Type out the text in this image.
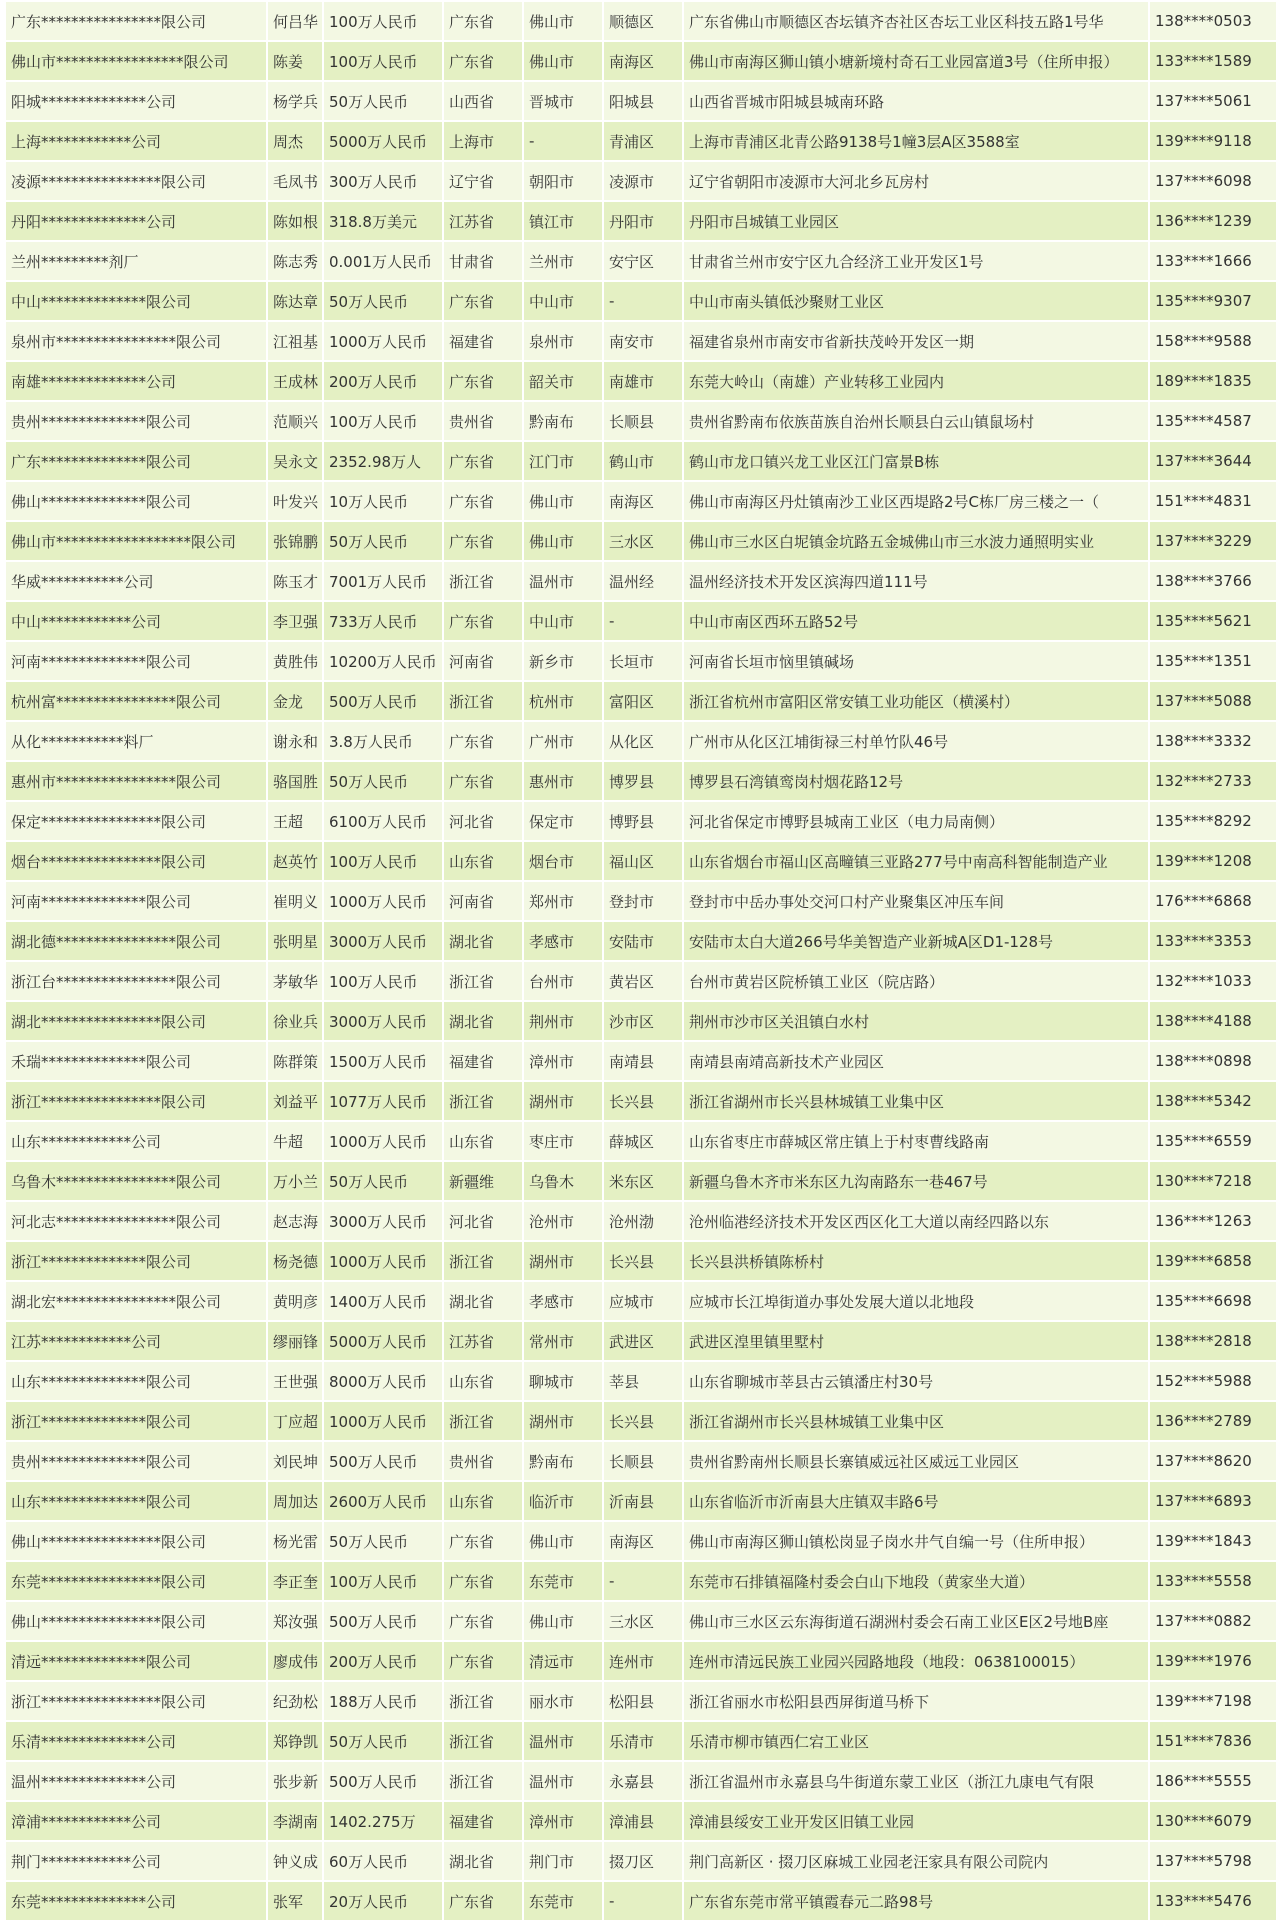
广东****************限公司	何吕华	100万人民币	广东省	佛山市	顺德区	广东省佛山市顺德区杏坛镇齐杏社区杏坛工业区科技五路1号华	138****0503
佛山市*****************限公司	陈姜	100万人民币	广东省	佛山市	南海区	佛山市南海区狮山镇小塘新境村奇石工业园富道3号（住所申报）	133****1589
阳城**************公司	杨学兵	50万人民币	山西省	晋城市	阳城县	山西省晋城市阳城县城南环路	137****5061
上海************公司	周杰	5000万人民币	上海市	-	青浦区	上海市青浦区北青公路9138号1幢3层A区3588室	139****9118
凌源****************限公司	毛凤书	300万人民币	辽宁省	朝阳市	凌源市	辽宁省朝阳市凌源市大河北乡瓦房村	137****6098
丹阳**************公司	陈如根	318.8万美元	江苏省	镇江市	丹阳市	丹阳市吕城镇工业园区	136****1239
兰州*********剂厂	陈志秀	0.001万人民币	甘肃省	兰州市	安宁区	甘肃省兰州市安宁区九合经济工业开发区1号	133****1666
中山**************限公司	陈达章	50万人民币	广东省	中山市	-	中山市南头镇低沙聚财工业区	135****9307
泉州市****************限公司	江祖基	1000万人民币	福建省	泉州市	南安市	福建省泉州市南安市省新扶茂岭开发区一期	158****9588
南雄**************公司	王成林	200万人民币	广东省	韶关市	南雄市	东莞大岭山（南雄）产业转移工业园内	189****1835
贵州**************限公司	范顺兴	100万人民币	贵州省	黔南布	长顺县	贵州省黔南布依族苗族自治州长顺县白云山镇鼠场村	135****4587
广东**************限公司	吴永文	2352.98万人	广东省	江门市	鹤山市	鹤山市龙口镇兴龙工业区江门富景B栋	137****3644
佛山**************限公司	叶发兴	10万人民币	广东省	佛山市	南海区	佛山市南海区丹灶镇南沙工业区西堤路2号C栋厂房三楼之一（	151****4831
佛山市******************限公司	张锦鹏	50万人民币	广东省	佛山市	三水区	佛山市三水区白坭镇金坑路五金城佛山市三水波力通照明实业	137****3229
华威***********公司	陈玉才	7001万人民币	浙江省	温州市	温州经	温州经济技术开发区滨海四道111号	138****3766
中山************公司	李卫强	733万人民币	广东省	中山市	-	中山市南区西环五路52号	135****5621
河南**************限公司	黄胜伟	10200万人民币	河南省	新乡市	长垣市	河南省长垣市恼里镇碱场	135****1351
杭州富****************限公司	金龙	500万人民币	浙江省	杭州市	富阳区	浙江省杭州市富阳区常安镇工业功能区（横溪村）	137****5088
从化***********料厂	谢永和	3.8万人民币	广东省	广州市	从化区	广州市从化区江埔街禄三村单竹队46号	138****3332
惠州市****************限公司	骆国胜	50万人民币	广东省	惠州市	博罗县	博罗县石湾镇鸾岗村烟花路12号	132****2733
保定****************限公司	王超	6100万人民币	河北省	保定市	博野县	河北省保定市博野县城南工业区（电力局南侧）	135****8292
烟台****************限公司	赵英竹	100万人民币	山东省	烟台市	福山区	山东省烟台市福山区高疃镇三亚路277号中南高科智能制造产业	139****1208
河南**************限公司	崔明义	1000万人民币	河南省	郑州市	登封市	登封市中岳办事处交河口村产业聚集区冲压车间	176****6868
湖北德****************限公司	张明星	3000万人民币	湖北省	孝感市	安陆市	安陆市太白大道266号华美智造产业新城A区D1-128号	133****3353
浙江台****************限公司	茅敏华	100万人民币	浙江省	台州市	黄岩区	台州市黄岩区院桥镇工业区（院店路）	132****1033
湖北****************限公司	徐业兵	3000万人民币	湖北省	荆州市	沙市区	荆州市沙市区关沮镇白水村	138****4188
禾瑞**************限公司	陈群策	1500万人民币	福建省	漳州市	南靖县	南靖县南靖高新技术产业园区	138****0898
浙江****************限公司	刘益平	1077万人民币	浙江省	湖州市	长兴县	浙江省湖州市长兴县林城镇工业集中区	138****5342
山东************公司	牛超	1000万人民币	山东省	枣庄市	薛城区	山东省枣庄市薛城区常庄镇上于村枣曹线路南	135****6559
乌鲁木****************限公司	万小兰	50万人民币	新疆维	乌鲁木	米东区	新疆乌鲁木齐市米东区九沟南路东一巷467号	130****7218
河北志****************限公司	赵志海	3000万人民币	河北省	沧州市	沧州渤	沧州临港经济技术开发区西区化工大道以南经四路以东	136****1263
浙江**************限公司	杨尧德	1000万人民币	浙江省	湖州市	长兴县	长兴县洪桥镇陈桥村	139****6858
湖北宏****************限公司	黄明彦	1400万人民币	湖北省	孝感市	应城市	应城市长江埠街道办事处发展大道以北地段	135****6698
江苏************公司	缪丽锋	5000万人民币	江苏省	常州市	武进区	武进区湟里镇里墅村	138****2818
山东**************限公司	王世强	8000万人民币	山东省	聊城市	莘县	山东省聊城市莘县古云镇潘庄村30号	152****5988
浙江**************限公司	丁应超	1000万人民币	浙江省	湖州市	长兴县	浙江省湖州市长兴县林城镇工业集中区	136****2789
贵州**************限公司	刘民坤	500万人民币	贵州省	黔南布	长顺县	贵州省黔南州长顺县长寨镇威远社区威远工业园区	137****8620
山东**************限公司	周加达	2600万人民币	山东省	临沂市	沂南县	山东省临沂市沂南县大庄镇双丰路6号	137****6893
佛山****************限公司	杨光雷	50万人民币	广东省	佛山市	南海区	佛山市南海区狮山镇松岗显子岗水井气自编一号（住所申报）	139****1843
东莞****************限公司	李正奎	100万人民币	广东省	东莞市	-	东莞市石排镇福隆村委会白山下地段（黄家坐大道）	133****5558
佛山****************限公司	郑汝强	500万人民币	广东省	佛山市	三水区	佛山市三水区云东海街道石湖洲村委会石南工业区E区2号地B座	137****0882
清远**************限公司	廖成伟	200万人民币	广东省	清远市	连州市	连州市清远民族工业园兴园路地段（地段：0638100015）	139****1976
浙江****************限公司	纪劲松	188万人民币	浙江省	丽水市	松阳县	浙江省丽水市松阳县西屏街道马桥下	139****7198
乐清**************公司	郑铮凯	50万人民币	浙江省	温州市	乐清市	乐清市柳市镇西仁宕工业区	151****7836
温州**************公司	张步新	500万人民币	浙江省	温州市	永嘉县	浙江省温州市永嘉县乌牛街道东蒙工业区（浙江九康电气有限	186****5555
漳浦************公司	李湖南	1402.275万	福建省	漳州市	漳浦县	漳浦县绥安工业开发区旧镇工业园	130****6079
荆门************公司	钟义成	60万人民币	湖北省	荆门市	掇刀区	荆门高新区 · 掇刀区麻城工业园老汪家具有限公司院内	137****5798
东莞**************公司	张军	20万人民币	广东省	东莞市	-	广东省东莞市常平镇霞春元二路98号	133****5476
